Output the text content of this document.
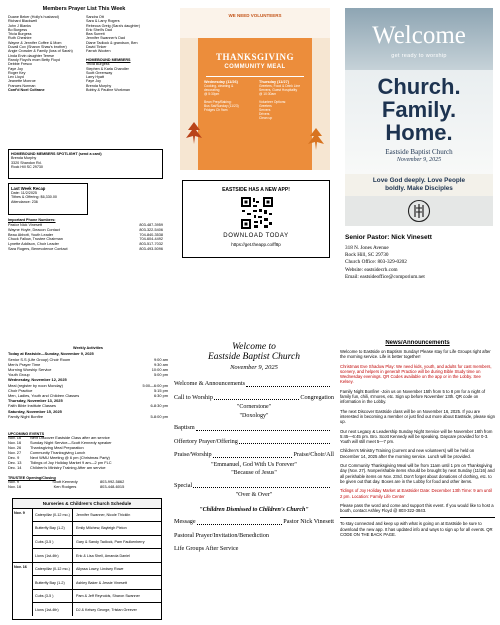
Members Prayer List This Week
Duane Beker (Holly's husband)
Richard Blackwell
John J Blanks
Bo Burgess
Tricia Burgess
Ruth Cheshire
Wayne & Jennifer Coffee & Mom
Duvall Cox (Sharon Shaw's brother)
Angie Crowder & Family (loss of Sarah)
Linda Ervin daughter Terese
Randy Floyd's mom Betty Floyd
Debbie Fresco
Faye Joy
Roger Key
Lex Lloyd
Jeanette Monroe
Frances Norman
Conf'd Noel Coltrane
Sandra Ott
Sara & Larry Rogers
Rebecca Greig (Sara's daughter)
Eric Shell's Dad
Bea Surrett
Jennifer Swanner's Dad
Diane Tadlock & grandson, Ben
David Tinker
Farrah Wooten

HOMEBOUND MEMBERS
Tricia Burgess
Stephen & Karla Chandler
Scott Greenway
Larry Hyatt
Faye Joy
Brenda Murphy
Bobby & Pauline Workman
WE NEED VOLUNTEERS
THANKSGIVING
COMMUNITY MEAL
Wednesday (11/26)
Cooking, cleaning &
decorating
@ 5:30pm

Bean Prep/Baking:
Bus Sat/Sunday (11/23)
Fridges Ch 9am
Thursday (11/27)
Greeters, Food & Drink Line
Servers, Guest Hospitality
@ 10:30am

Volunteer Options:
Greeters
Servers
Drivers
Clean up
HOMEBOUND MEMBERS SPOTLIGHT (send a card)
Brenda Murphy
3320 Shandon Rd.
Rock Hill SC 29730
EASTSIDE HAS A NEW APP!
DOWNLOAD TODAY
https://get.theapp.co/ff8p
Last Week Recap
Date: 11/2/2025
Tithes & Offering: $6,330.00
Attendance: 236
Important Phone Numbers:
Pastor Nick Vinesett	803-487-3959
Wayne Hoyle, Deacon Contact	803-322-5406
Beau Abbott, Youth Leader	704-840-3538
Chuck Fallow, Trustee Chairman	704-604-4492
Lynette Addison, Choir Leader	803-517-7032
Sara Rogers, Benevolence Contact	803-493-5096
Welcome
get ready to worship
Church.
Family.
Home.
Eastside Baptist Church
November 9, 2025
Love God deeply. Love People
boldly. Make Disciples
Senior Pastor: Nick Vinesett
318 N. Jones Avenue
Rock Hill, SC 29730
Church Office: 803-329-0202
Website: eastsidecrh.com
Email: eastsideoffice@comporium.net
Weekly Activities
Today at Eastside—Sunday, November 9, 2025
Senior S.S (Life Group) Choir Room	9:00 am
Men's Prayer Time	9:30 am
Morning Worship Service	10:00 am
Youth Group	5:00 pm
Wednesday, November 12, 2025
Meal (register by noon Monday)	5:00—6:00 pm
Choir Practice	5:15 pm
Men, Ladies, Youth and Children Classes	6:30 pm
Thursday, November 13, 2025
Faith Bible Institute Classes	6-8:30 pm
Saturday, November 15, 2025
Family Night Bonfire	5-8:00 pm
UPCOMING EVENTS
Nov. 16	Next Discover Eastside Class after am service
Nov. 16	Sunday Night Service—Scott Kennedy speaker
Nov. 26	Thanksgiving Meal Preparation
Nov. 27	Community Thanksgiving Lunch
Dec. 9	Next WMU Meeting @ 6 pm (Christmas Party)
Dec. 13	Tidings of Joy Holiday Market 9 am—2 pm FLC
Dec. 14	Children's Ministry Training After am service
TRUSTEE Opening/Closing
Nov. 9	Scott Kennedy	803-992-5862
Nov. 16	Ken Rodgers	803-448-6015
Nurseries & Children's Church Schedule
Nov. 9
Caterpillar (0-12 mo.)	Jennifer Swanner, Nicole Thicklin
Butterfly Bay (1-2)	Emily Milchew, Bayleigh Pixton
Cubs (3-5 )	Gary & Sandy Tadlock, Pam Faulkenberry
Lions (1st-4th)	Eric & Lisa Shell, Amanda Daniel
Nov. 16
Caterpillar (0-12 mo.)	Allyssa Lowry, Lindsey Rowe
Butterfly Bay (1-2)	Ashley Baker & Jessie Vinesett
Cubs (3-5 )	Pam & Jeff Reynolds, Sharon Swanner
Lions (1st-4th)	DJ & Kelsey George, Tristan Greever
Welcome to
Eastside Baptist Church
November 9, 2025
Welcome & Announcements
Call to Worship	Congregation
"Cornerstone"
"Doxology"
Baptism
Offertory Prayer/Offering
Praise/Worship	Praise/Choir/All
"Emmanuel, God With Us Forever"
"Because of Jesus"
Special
"Over & Over"
"Children Dismissed to Children's Church"
Message	Pastor Nick Vinesett
Pastoral Prayer/Invitation/Benediction
Life Groups After Service
News/Announcements
Welcome to Eastside on Baptism Sunday! Please stay for Life Groups right after the morning service. Life is better together!
Christmas Eve Shadow Play: We need kids, youth, and adults for cast members, scenery, and helpers in general! Practice will be during Bible Study time on Wednesday evenings. QR Codes available on the app or in the Lobby. See Kelsey.
Family Night Bonfire! -Join us on November 15th from 5 to 8 pm for a night of family fun, chili, s'mores, etc. Sign up before November 13th. QR code on information in the Lobby.
The next Discover Eastside class will be on November 16, 2025. If you are interested in becoming a member or just find out more about Eastside, please sign up.
Our next Legacy & Leadership Sunday Night Service will be November 16th from 5:45—6:45 pm. Bro. Scott Kennedy will be speaking. Daycare provided for 0-3. Youth will still meet 5—7 pm.
Children's Ministry Training (current and new volunteers) will be held on December 14, 2025 after the morning service. Lunch will be provided.
Our Community Thanksgiving Meal will be from 11am until 1 pm on Thanksgiving day (Nov. 27). Nonperishable items should be brought by next Sunday (11/16) and all perishable items on Nov. 23rd. Don't forget about donations of clothing, etc. to be given out that day. Boxes are in the Lobby for food and other items.
Tidings of Joy Holiday Market at Eastside! Date: December 13th Time: 9 am until 2 pm. Location: Family Life Center
Please pass the word and come and support this event. If you would like to host a booth, contact Ashley Floyd @ 803-322-3843.
To stay connected and keep up with what is going on at Eastside be sure to download the new app. It has updated info and ways to sign up for all events. QR CODE ON THE BACK PAGE.
